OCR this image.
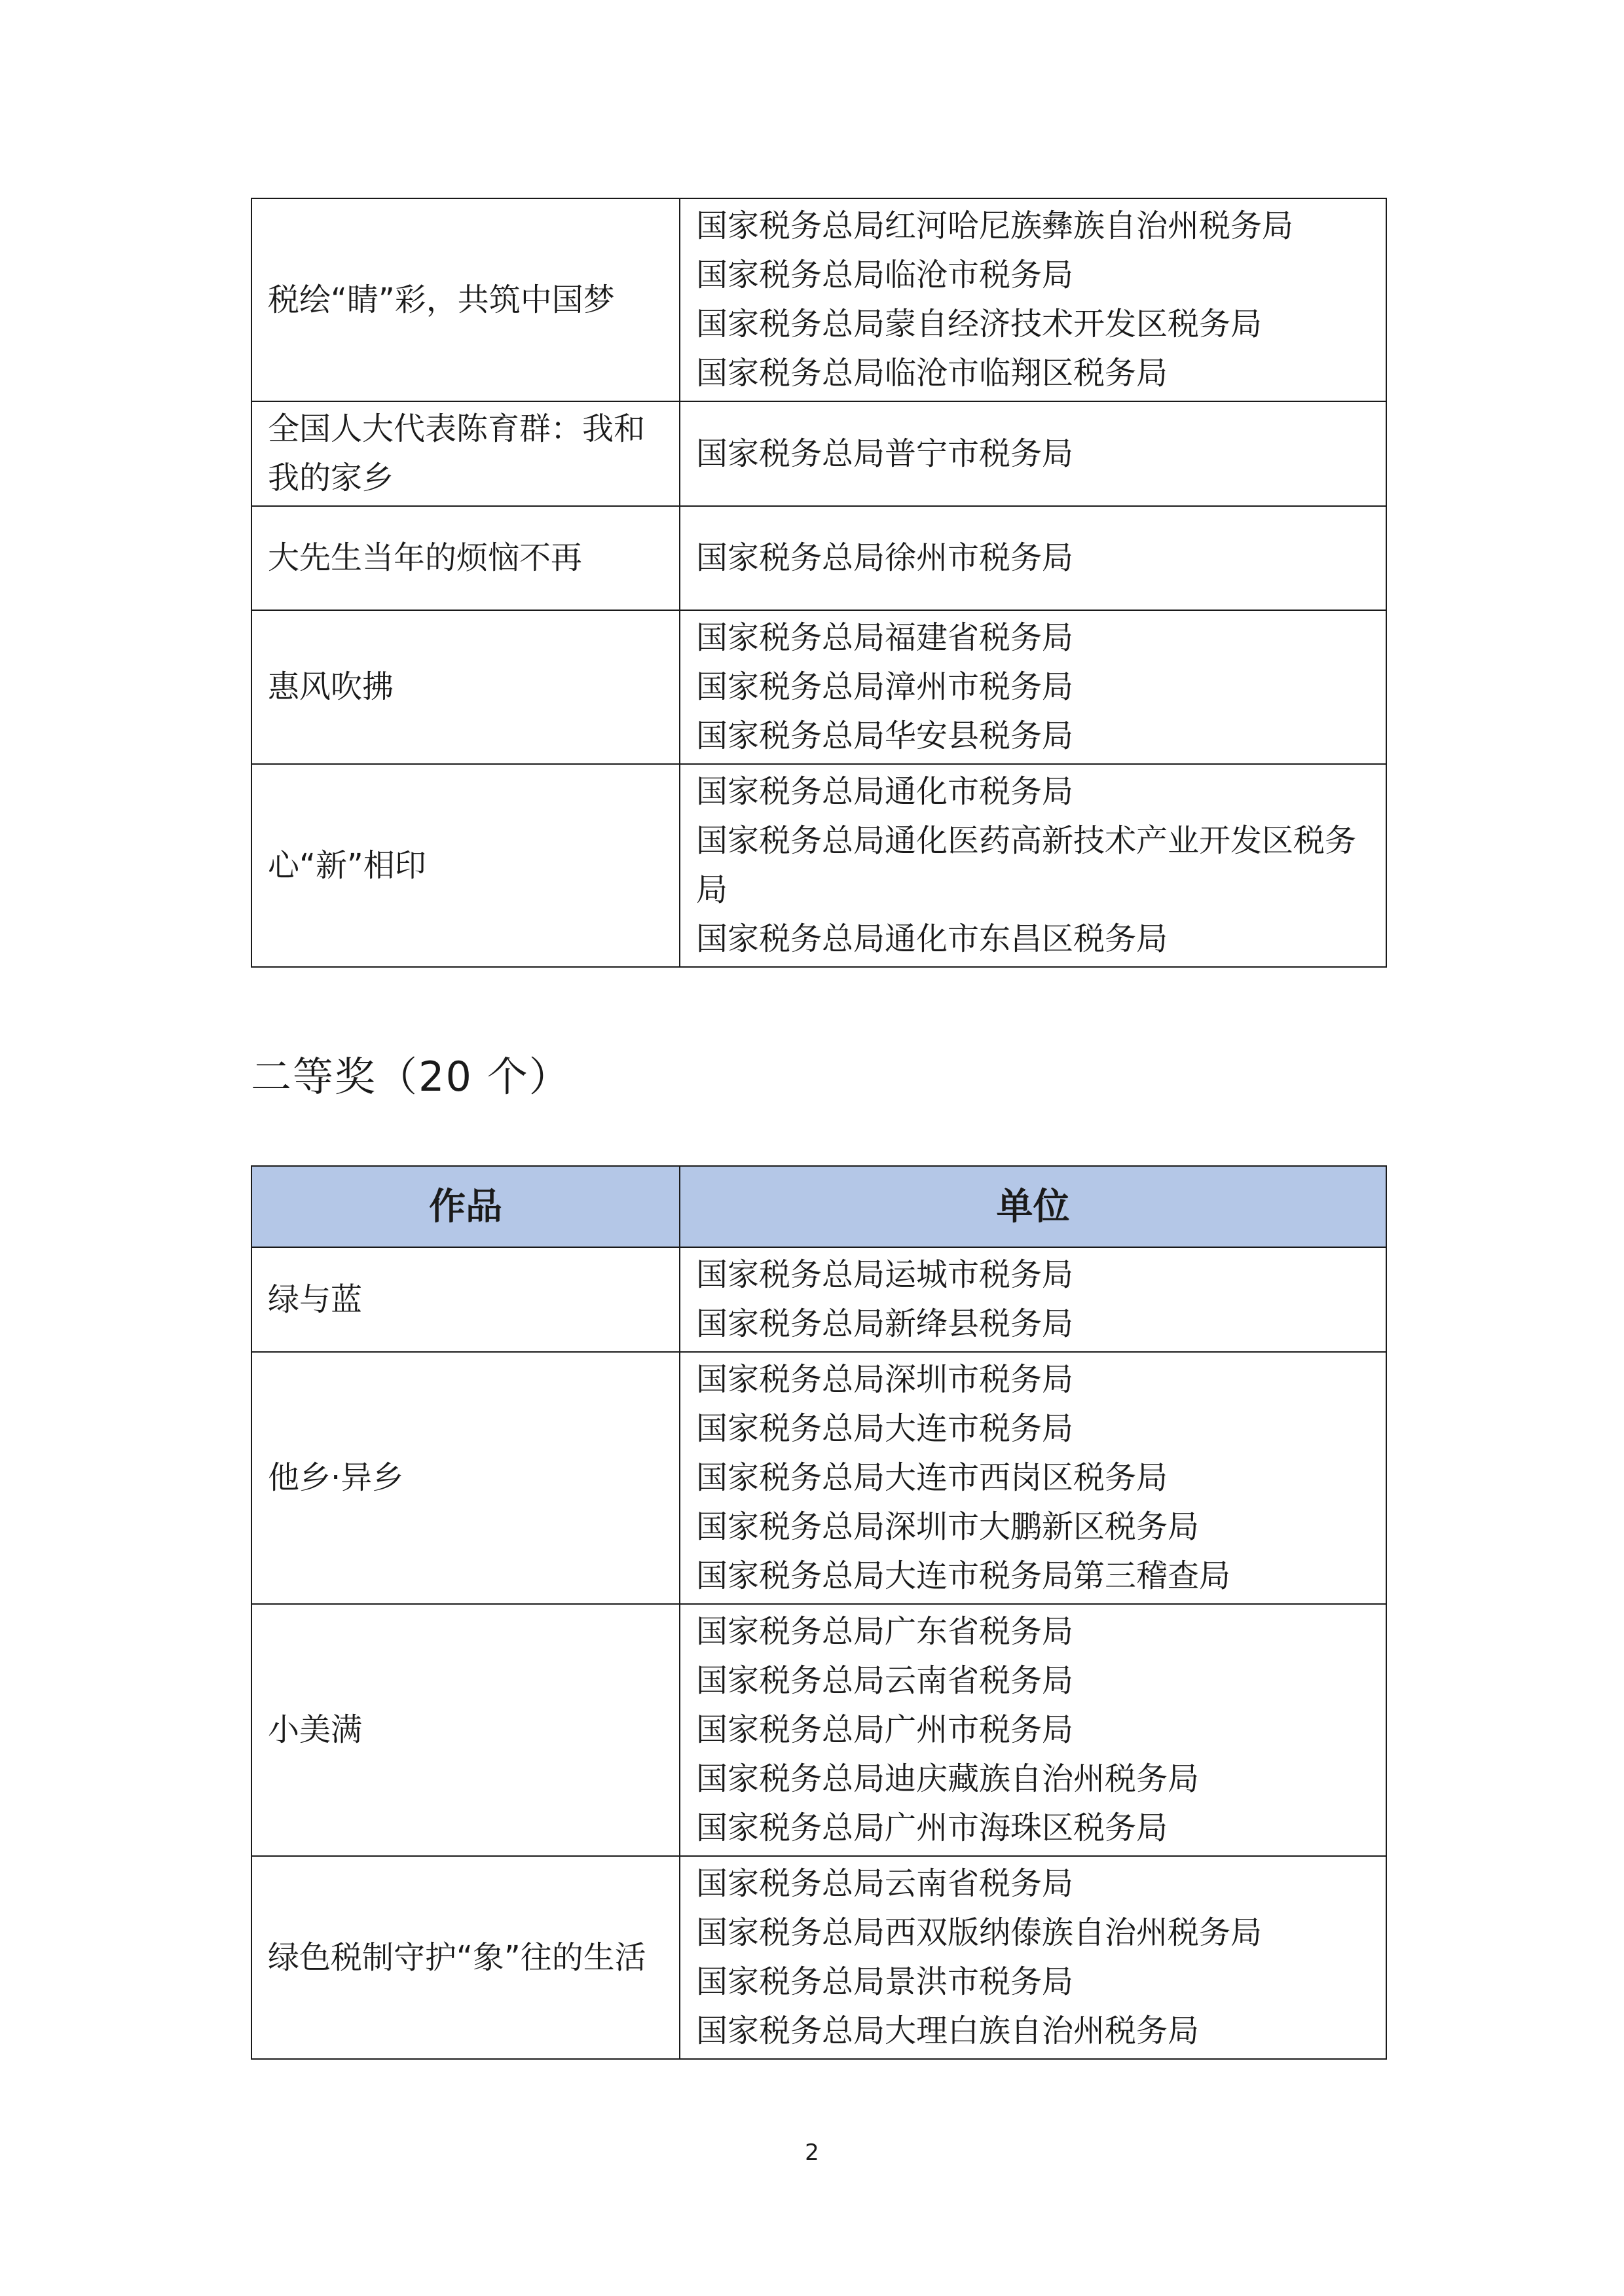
税绘“睛”彩，共筑中国梦	国家税务总局红河哈尼族彝族自治州税务局
国家税务总局临沧市税务局
国家税务总局蒙自经济技术开发区税务局
国家税务总局临沧市临翔区税务局

全国人大代表陈育群：我和我的家乡	国家税务总局普宁市税务局

大先生当年的烦恼不再	国家税务总局徐州市税务局

惠风吹拂	国家税务总局福建省税务局
国家税务总局漳州市税务局
国家税务总局华安县税务局

心“新”相印	国家税务总局通化市税务局
国家税务总局通化医药高新技术产业开发区税务局
国家税务总局通化市东昌区税务局
二等奖（20 个）
作品	单位
绿与蓝	国家税务总局运城市税务局
国家税务总局新绛县税务局

他乡·异乡	国家税务总局深圳市税务局
国家税务总局大连市税务局
国家税务总局大连市西岗区税务局
国家税务总局深圳市大鹏新区税务局
国家税务总局大连市税务局第三稽查局

小美满	国家税务总局广东省税务局
国家税务总局云南省税务局
国家税务总局广州市税务局
国家税务总局迪庆藏族自治州税务局
国家税务总局广州市海珠区税务局

绿色税制守护“象”往的生活	国家税务总局云南省税务局
国家税务总局西双版纳傣族自治州税务局
国家税务总局景洪市税务局
国家税务总局大理白族自治州税务局
2
